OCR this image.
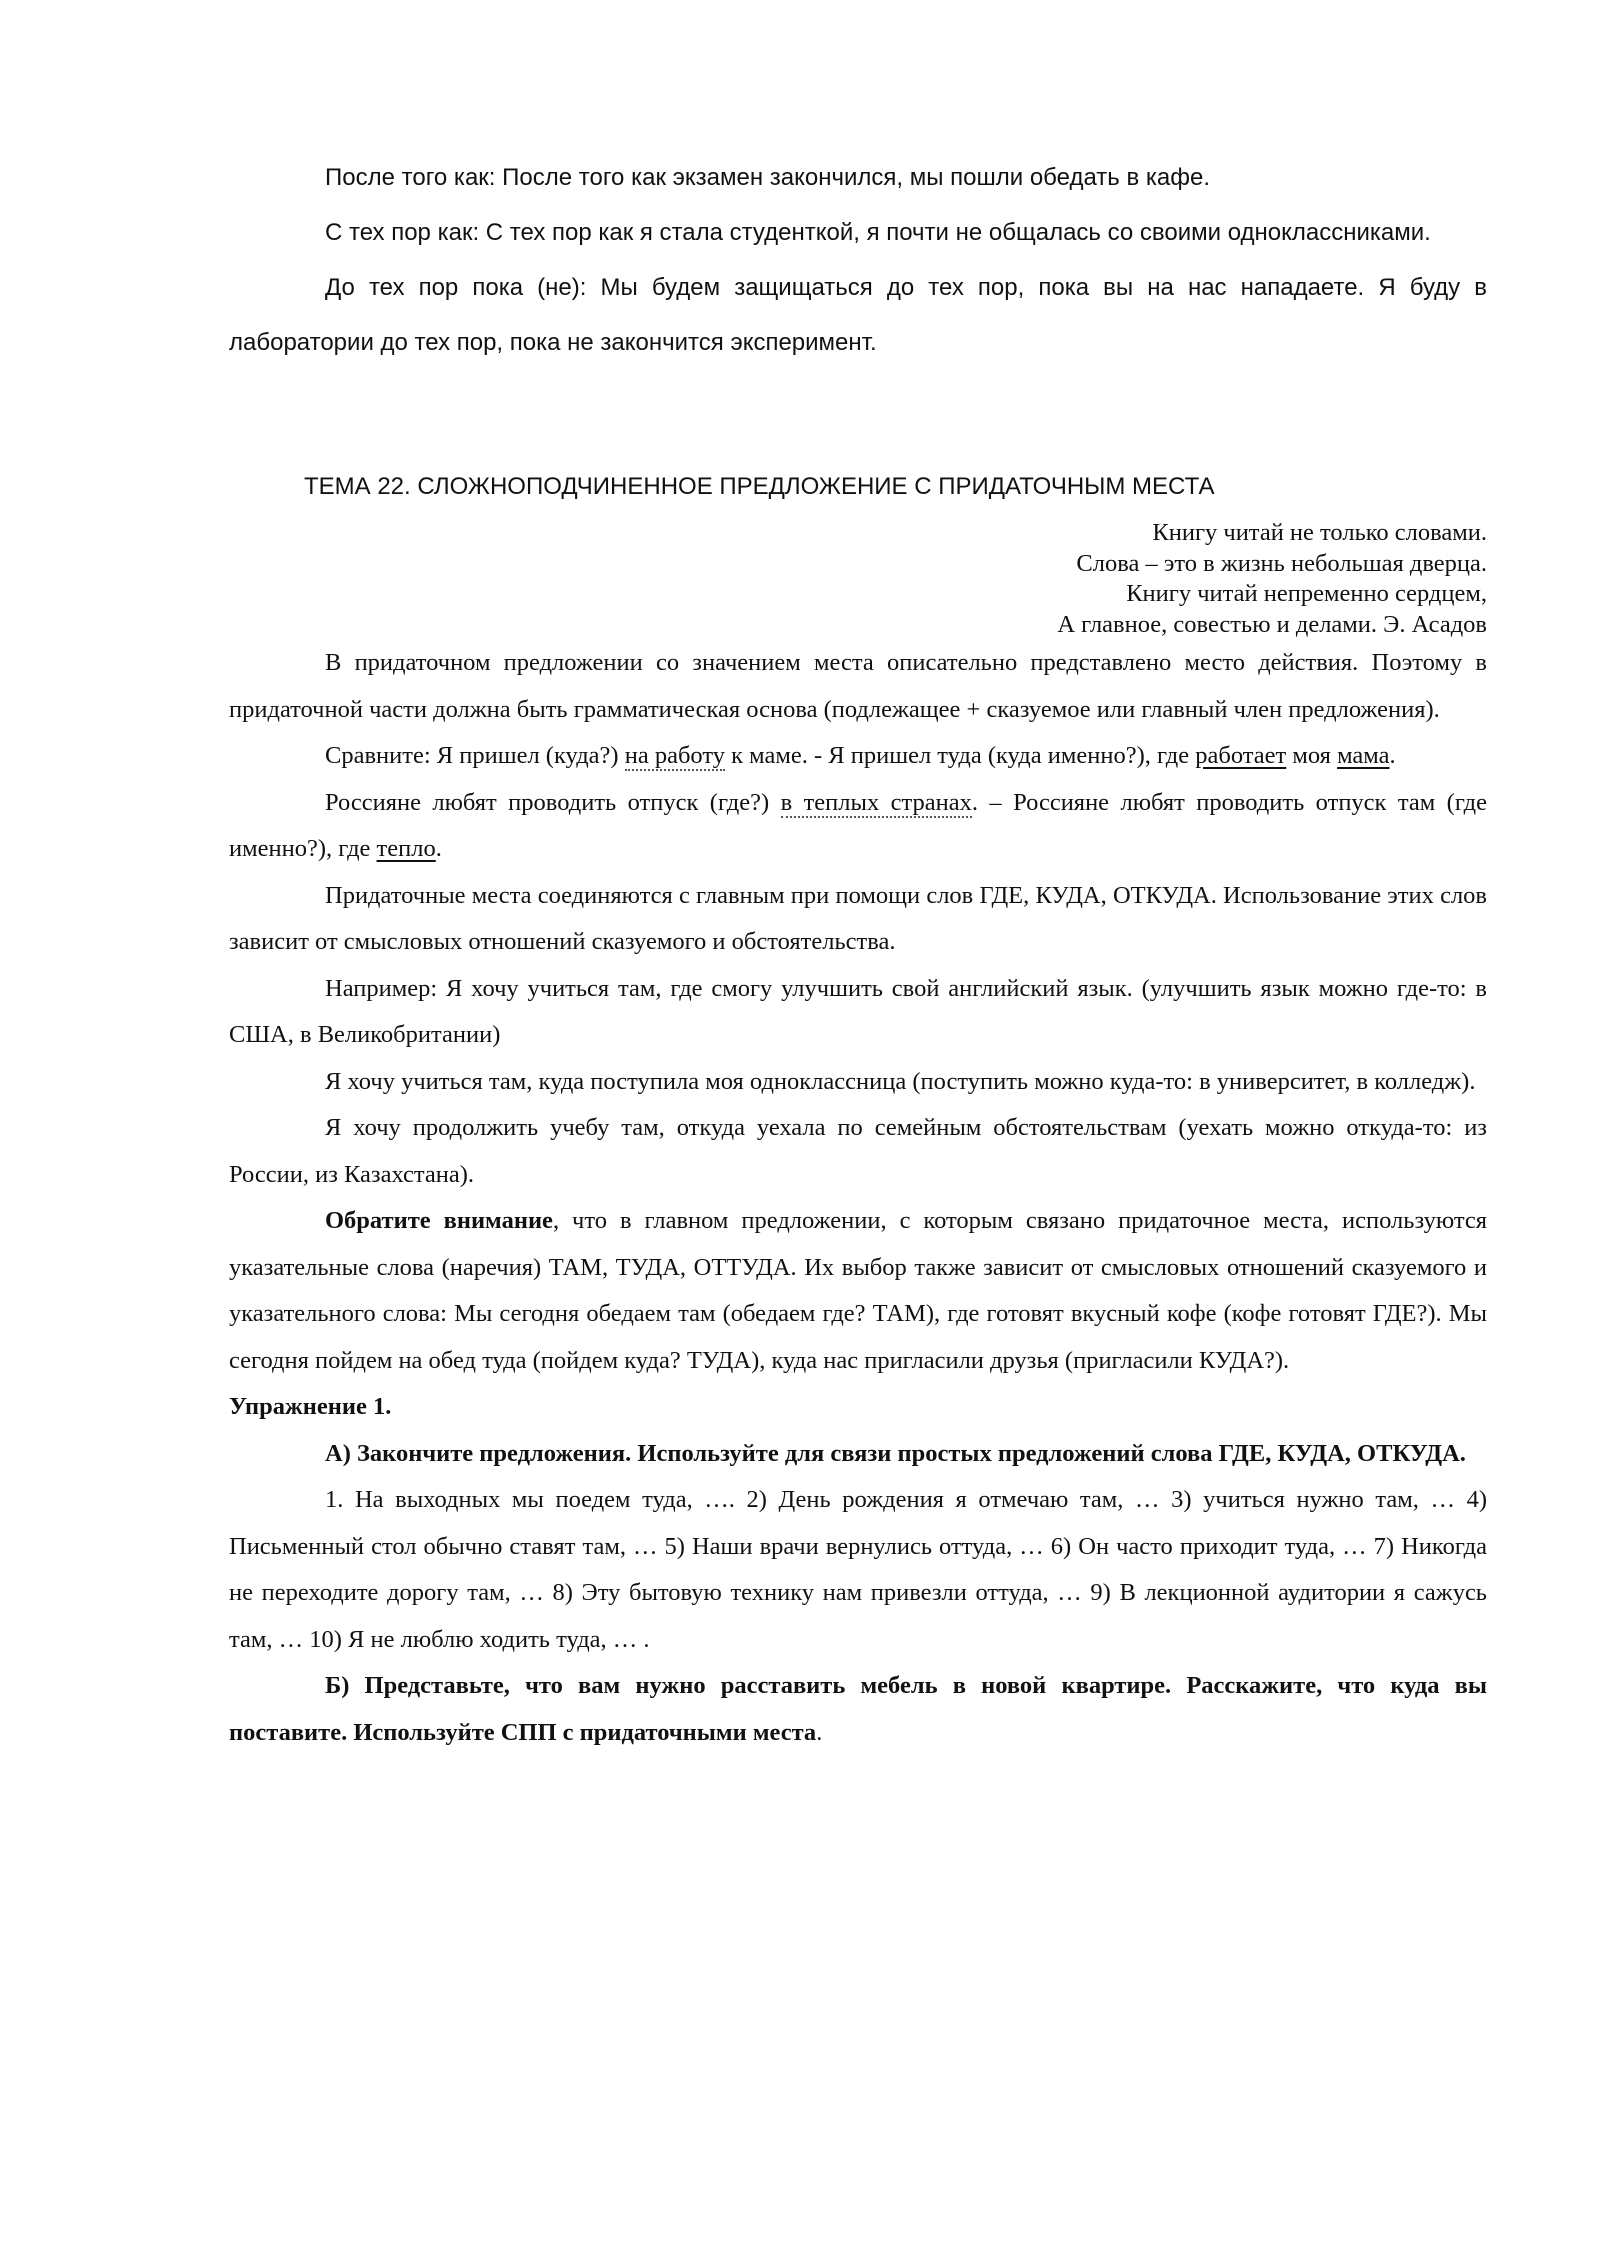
После того как: После того как экзамен закончился, мы пошли обедать в кафе.

С тех пор как: С тех пор как я стала студенткой, я почти не общалась со своими одноклассниками.

До тех пор пока (не): Мы будем защищаться до тех пор, пока вы на нас нападаете. Я буду в лаборатории до тех пор, пока не закончится эксперимент.

ТЕМА 22. СЛОЖНОПОДЧИНЕННОЕ ПРЕДЛОЖЕНИЕ С ПРИДАТОЧНЫМ МЕСТА
Книгу читай не только словами.
Слова – это в жизнь небольшая дверца.
Книгу читай непременно сердцем,
А главное, совестью и делами. Э. Асадов

В придаточном предложении со значением места описательно представлено место действия. Поэтому в придаточной части должна быть грамматическая основа (подлежащее + сказуемое или главный член предложения).

Сравните: Я пришел (куда?) на работу к маме. - Я пришел туда (куда именно?), где работает моя мама.

Россияне любят проводить отпуск (где?) в теплых странах. – Россияне любят проводить отпуск там (где именно?), где тепло.

Придаточные места соединяются с главным при помощи слов ГДЕ, КУДА, ОТКУДА. Использование этих слов зависит от смысловых отношений сказуемого и обстоятельства.

Например: Я хочу учиться там, где смогу улучшить свой английский язык. (улучшить язык можно где-то: в США, в Великобритании)

Я хочу учиться там, куда поступила моя одноклассница (поступить можно куда-то: в университет, в колледж).

Я хочу продолжить учебу там, откуда уехала по семейным обстоятельствам (уехать можно откуда-то: из России, из Казахстана).

Обратите внимание, что в главном предложении, с которым связано придаточное места, используются указательные слова (наречия) ТАМ, ТУДА, ОТТУДА. Их выбор также зависит от смысловых отношений сказуемого и указательного слова: Мы сегодня обедаем там (обедаем где? ТАМ), где готовят вкусный кофе (кофе готовят ГДЕ?). Мы сегодня пойдем на обед туда (пойдем куда? ТУДА), куда нас пригласили друзья (пригласили КУДА?).

Упражнение 1.

А) Закончите предложения. Используйте для связи простых предложений слова ГДЕ, КУДА, ОТКУДА.

1. На выходных мы поедем туда, …. 2) День рождения я отмечаю там, … 3) учиться нужно там, … 4) Письменный стол обычно ставят там, … 5) Наши врачи вернулись оттуда, … 6) Он часто приходит туда, … 7) Никогда не переходите дорогу там, … 8) Эту бытовую технику нам привезли оттуда, … 9) В лекционной аудитории я сажусь там, … 10) Я не люблю ходить туда, … .

Б) Представьте, что вам нужно расставить мебель в новой квартире. Расскажите, что куда вы поставите. Используйте СПП с придаточными места.
